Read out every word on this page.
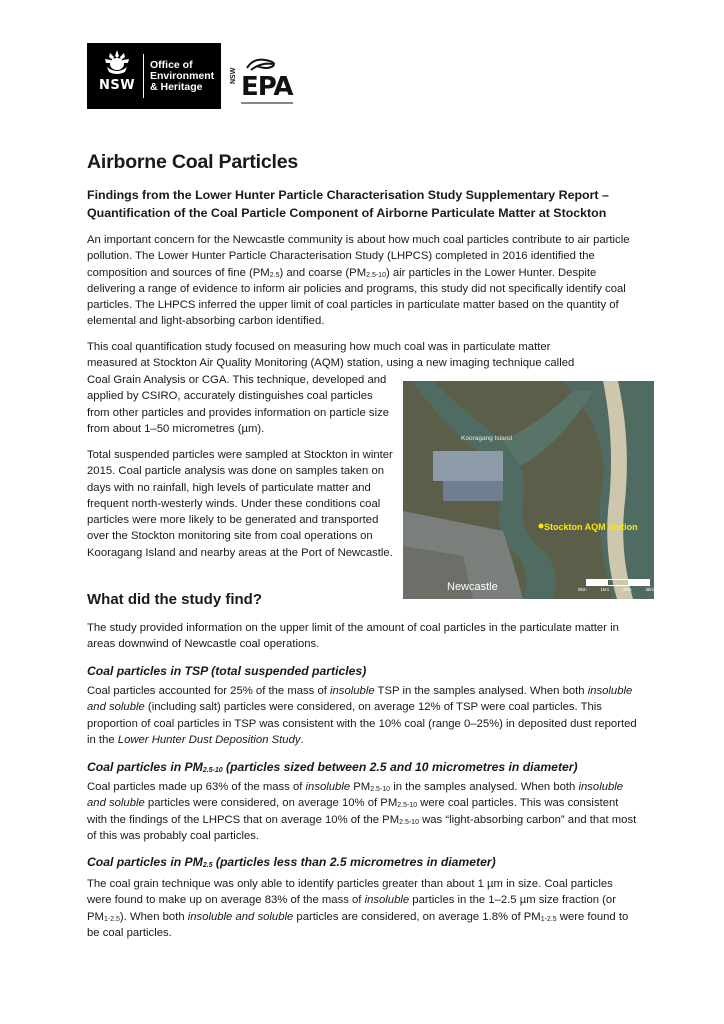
NSW
Office of
Environment
& Heritage
NSW EPA
Airborne Coal Particles

Findings from the Lower Hunter Particle Characterisation Study Supplementary Report –
Quantification of the Coal Particle Component of Airborne Particulate Matter at Stockton

An important concern for the Newcastle community is about how much coal particles contribute to air particle pollution. The Lower Hunter Particle Characterisation Study (LHPCS) completed in 2016 identified the composition and sources of fine $(PM_{2.5})$ and coarse $(PM_{2.5-10})$ air particles in the Lower Hunter. Despite delivering a range of evidence to inform air policies and programs, this study did not specifically identify coal particles. The LHPCS inferred the upper limit of coal particles in particulate matter based on the quantity of elemental and light-absorbing carbon identified.

This coal quantification study focused on measuring how much coal was in particulate matter
measured at Stockton Air Quality Monitoring (AQM) station, using a new imaging technique called

Coal Grain Analysis or CGA. This technique, developed and applied by CSIRO, accurately distinguishes coal particles from other particles and provides information on particle size from about 1–50 micrometres (µm).

Total suspended particles were sampled at Stockton in winter 2015. Coal particle analysis was done on samples taken on days with no rainfall, high levels of particulate matter and frequent north-westerly winds. Under these conditions coal particles were more likely to be generated and transported over the Stockton monitoring site from coal operations on Kooragang Island and nearby areas at the Port of Newcastle.

Kooragang Island
Stockton AQM station
Newcastle	0km	1km	2km	3km
What did the study find?

The study provided information on the upper limit of the amount of coal particles in the particulate matter in areas downwind of Newcastle coal operations.

Coal particles in TSP (total suspended particles)

Coal particles accounted for 25% of the mass of insoluble TSP in the samples analysed. When both insoluble and soluble (including salt) particles were considered, on average 12% of TSP were coal particles. This proportion of coal particles in TSP was consistent with the 10% coal (range 0–25%) in deposited dust reported in the Lower Hunter Dust Deposition Study.

Coal particles in $PM_{2.5-10}$ (particles sized between 2.5 and 10 micrometres in diameter)

Coal particles made up 63% of the mass of insoluble $PM_{2.5-10}$ in the samples analysed. When both insoluble and soluble particles were considered, on average 10% of $PM_{2.5-10}$ were coal particles. This was consistent with the findings of the LHPCS that on average 10% of the $PM_{2.5-10}$ was “light-absorbing carbon” and that most of this was probably coal particles.

Coal particles in $PM_{2.5}$ (particles less than 2.5 micrometres in diameter)

The coal grain technique was only able to identify particles greater than about 1 µm in size. Coal particles were found to make up on average 83% of the mass of insoluble particles in the 1–2.5 µm size fraction (or $PM_{1-2.5}$). When both insoluble and soluble particles are considered, on average 1.8% of $PM_{1-2.5}$ were found to be coal particles.
